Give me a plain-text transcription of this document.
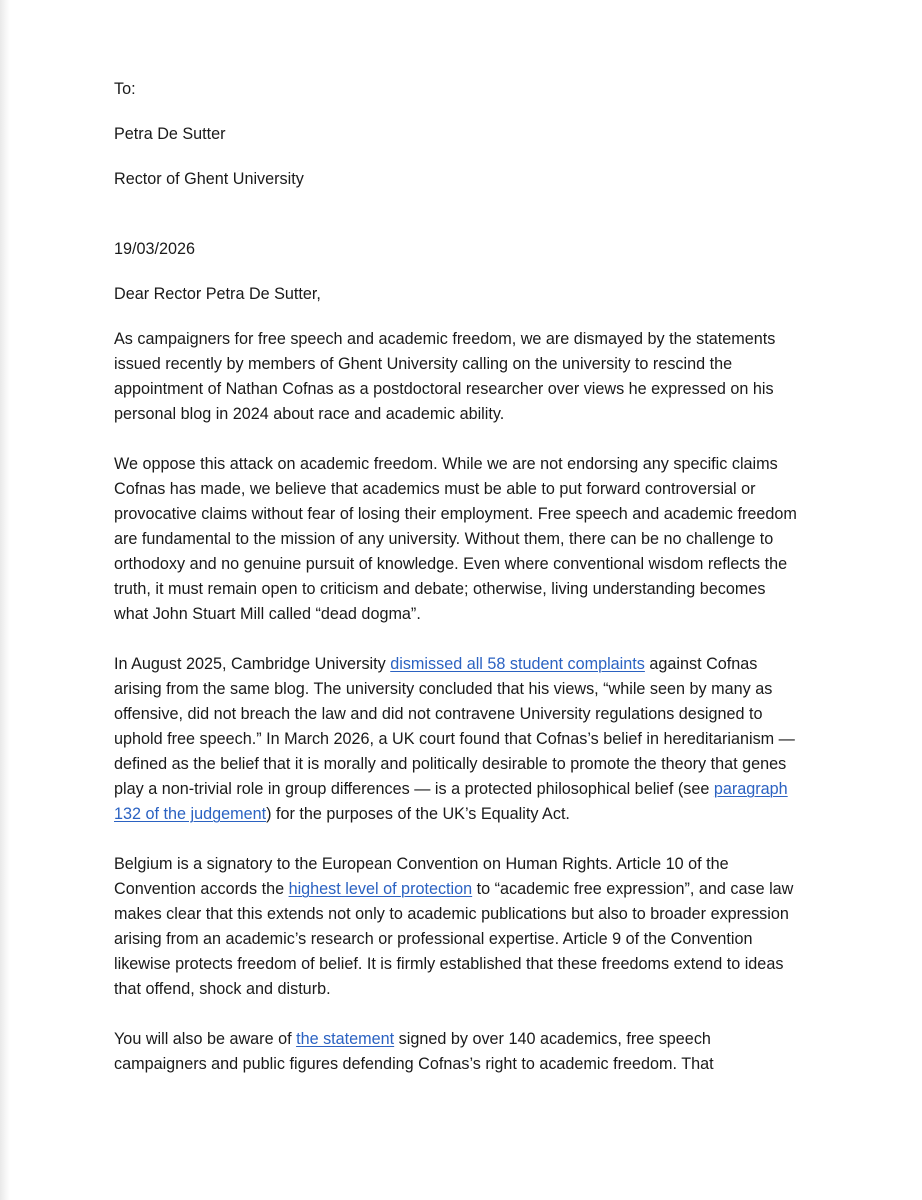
To:

Petra De Sutter

Rector of Ghent University

19/03/2026

Dear Rector Petra De Sutter,

As campaigners for free speech and academic freedom, we are dismayed by the statements issued recently by members of Ghent University calling on the university to rescind the appointment of Nathan Cofnas as a postdoctoral researcher over views he expressed on his personal blog in 2024 about race and academic ability.

We oppose this attack on academic freedom. While we are not endorsing any specific claims Cofnas has made, we believe that academics must be able to put forward controversial or provocative claims without fear of losing their employment. Free speech and academic freedom are fundamental to the mission of any university. Without them, there can be no challenge to orthodoxy and no genuine pursuit of knowledge. Even where conventional wisdom reflects the truth, it must remain open to criticism and debate; otherwise, living understanding becomes what John Stuart Mill called “dead dogma”.

In August 2025, Cambridge University dismissed all 58 student complaints against Cofnas arising from the same blog. The university concluded that his views, “while seen by many as offensive, did not breach the law and did not contravene University regulations designed to uphold free speech.” In March 2026, a UK court found that Cofnas’s belief in hereditarianism — defined as the belief that it is morally and politically desirable to promote the theory that genes play a non-trivial role in group differences — is a protected philosophical belief (see paragraph 132 of the judgement) for the purposes of the UK’s Equality Act.

Belgium is a signatory to the European Convention on Human Rights. Article 10 of the Convention accords the highest level of protection to “academic free expression”, and case law makes clear that this extends not only to academic publications but also to broader expression arising from an academic’s research or professional expertise. Article 9 of the Convention likewise protects freedom of belief. It is firmly established that these freedoms extend to ideas that offend, shock and disturb.

You will also be aware of the statement signed by over 140 academics, free speech campaigners and public figures defending Cofnas’s right to academic freedom. That
